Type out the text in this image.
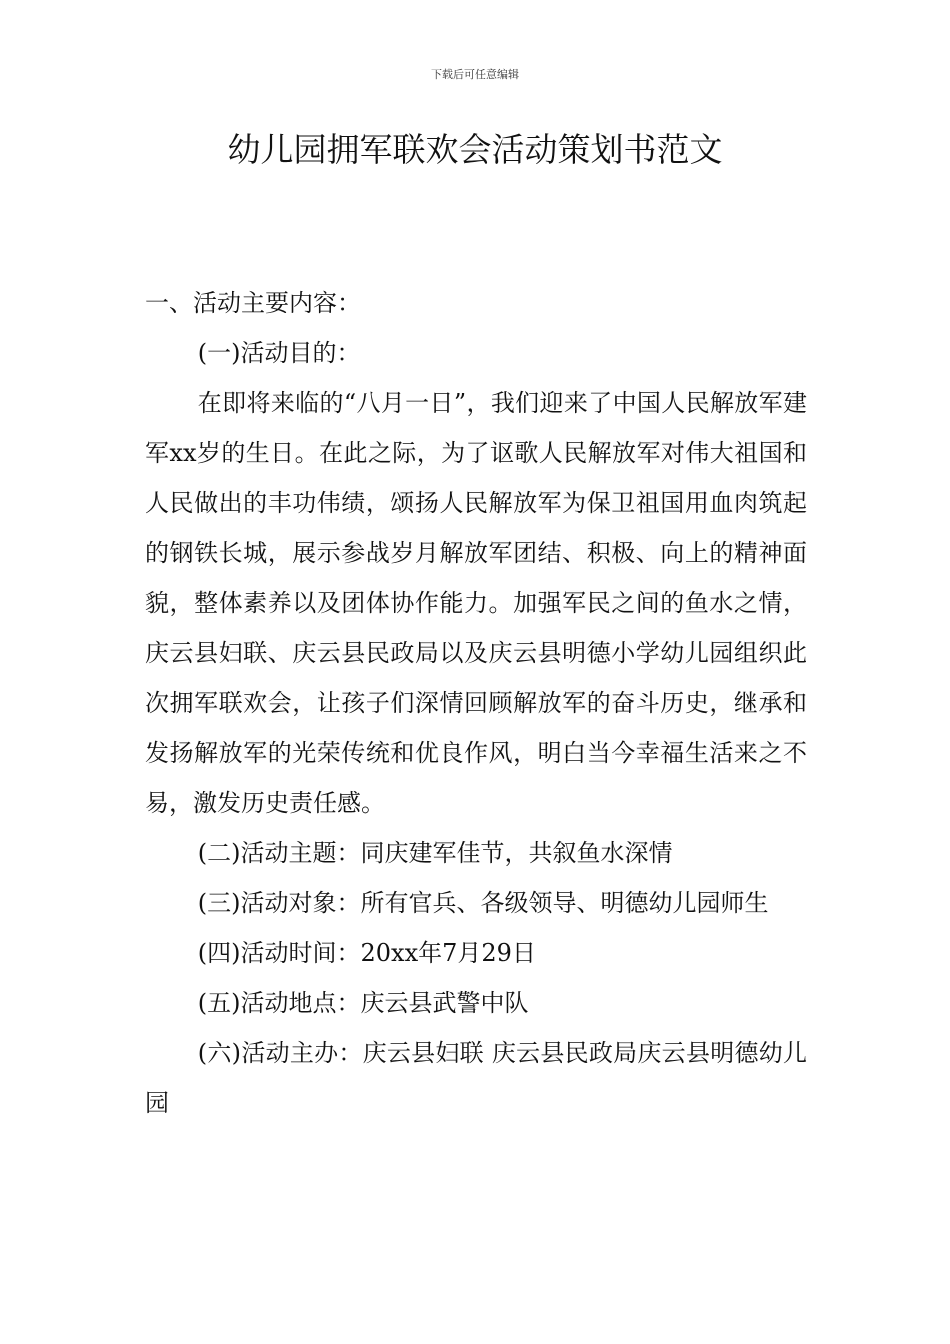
下载后可任意编辑
幼儿园拥军联欢会活动策划书范文

一、活动主要内容：

(一)活动目的：

在即将来临的“八月一日”，我们迎来了中国人民解放军建军xx岁的生日。在此之际，为了讴歌人民解放军对伟大祖国和人民做出的丰功伟绩，颂扬人民解放军为保卫祖国用血肉筑起的钢铁长城，展示参战岁月解放军团结、积极、向上的精神面貌，整体素养以及团体协作能力。加强军民之间的鱼水之情，庆云县妇联、庆云县民政局以及庆云县明德小学幼儿园组织此次拥军联欢会，让孩子们深情回顾解放军的奋斗历史，继承和发扬解放军的光荣传统和优良作风，明白当今幸福生活来之不易，激发历史责任感。

(二)活动主题：同庆建军佳节，共叙鱼水深情

(三)活动对象：所有官兵、各级领导、明德幼儿园师生

(四)活动时间：20xx年7月29日

(五)活动地点：庆云县武警中队

(六)活动主办：庆云县妇联 庆云县民政局庆云县明德幼儿园
